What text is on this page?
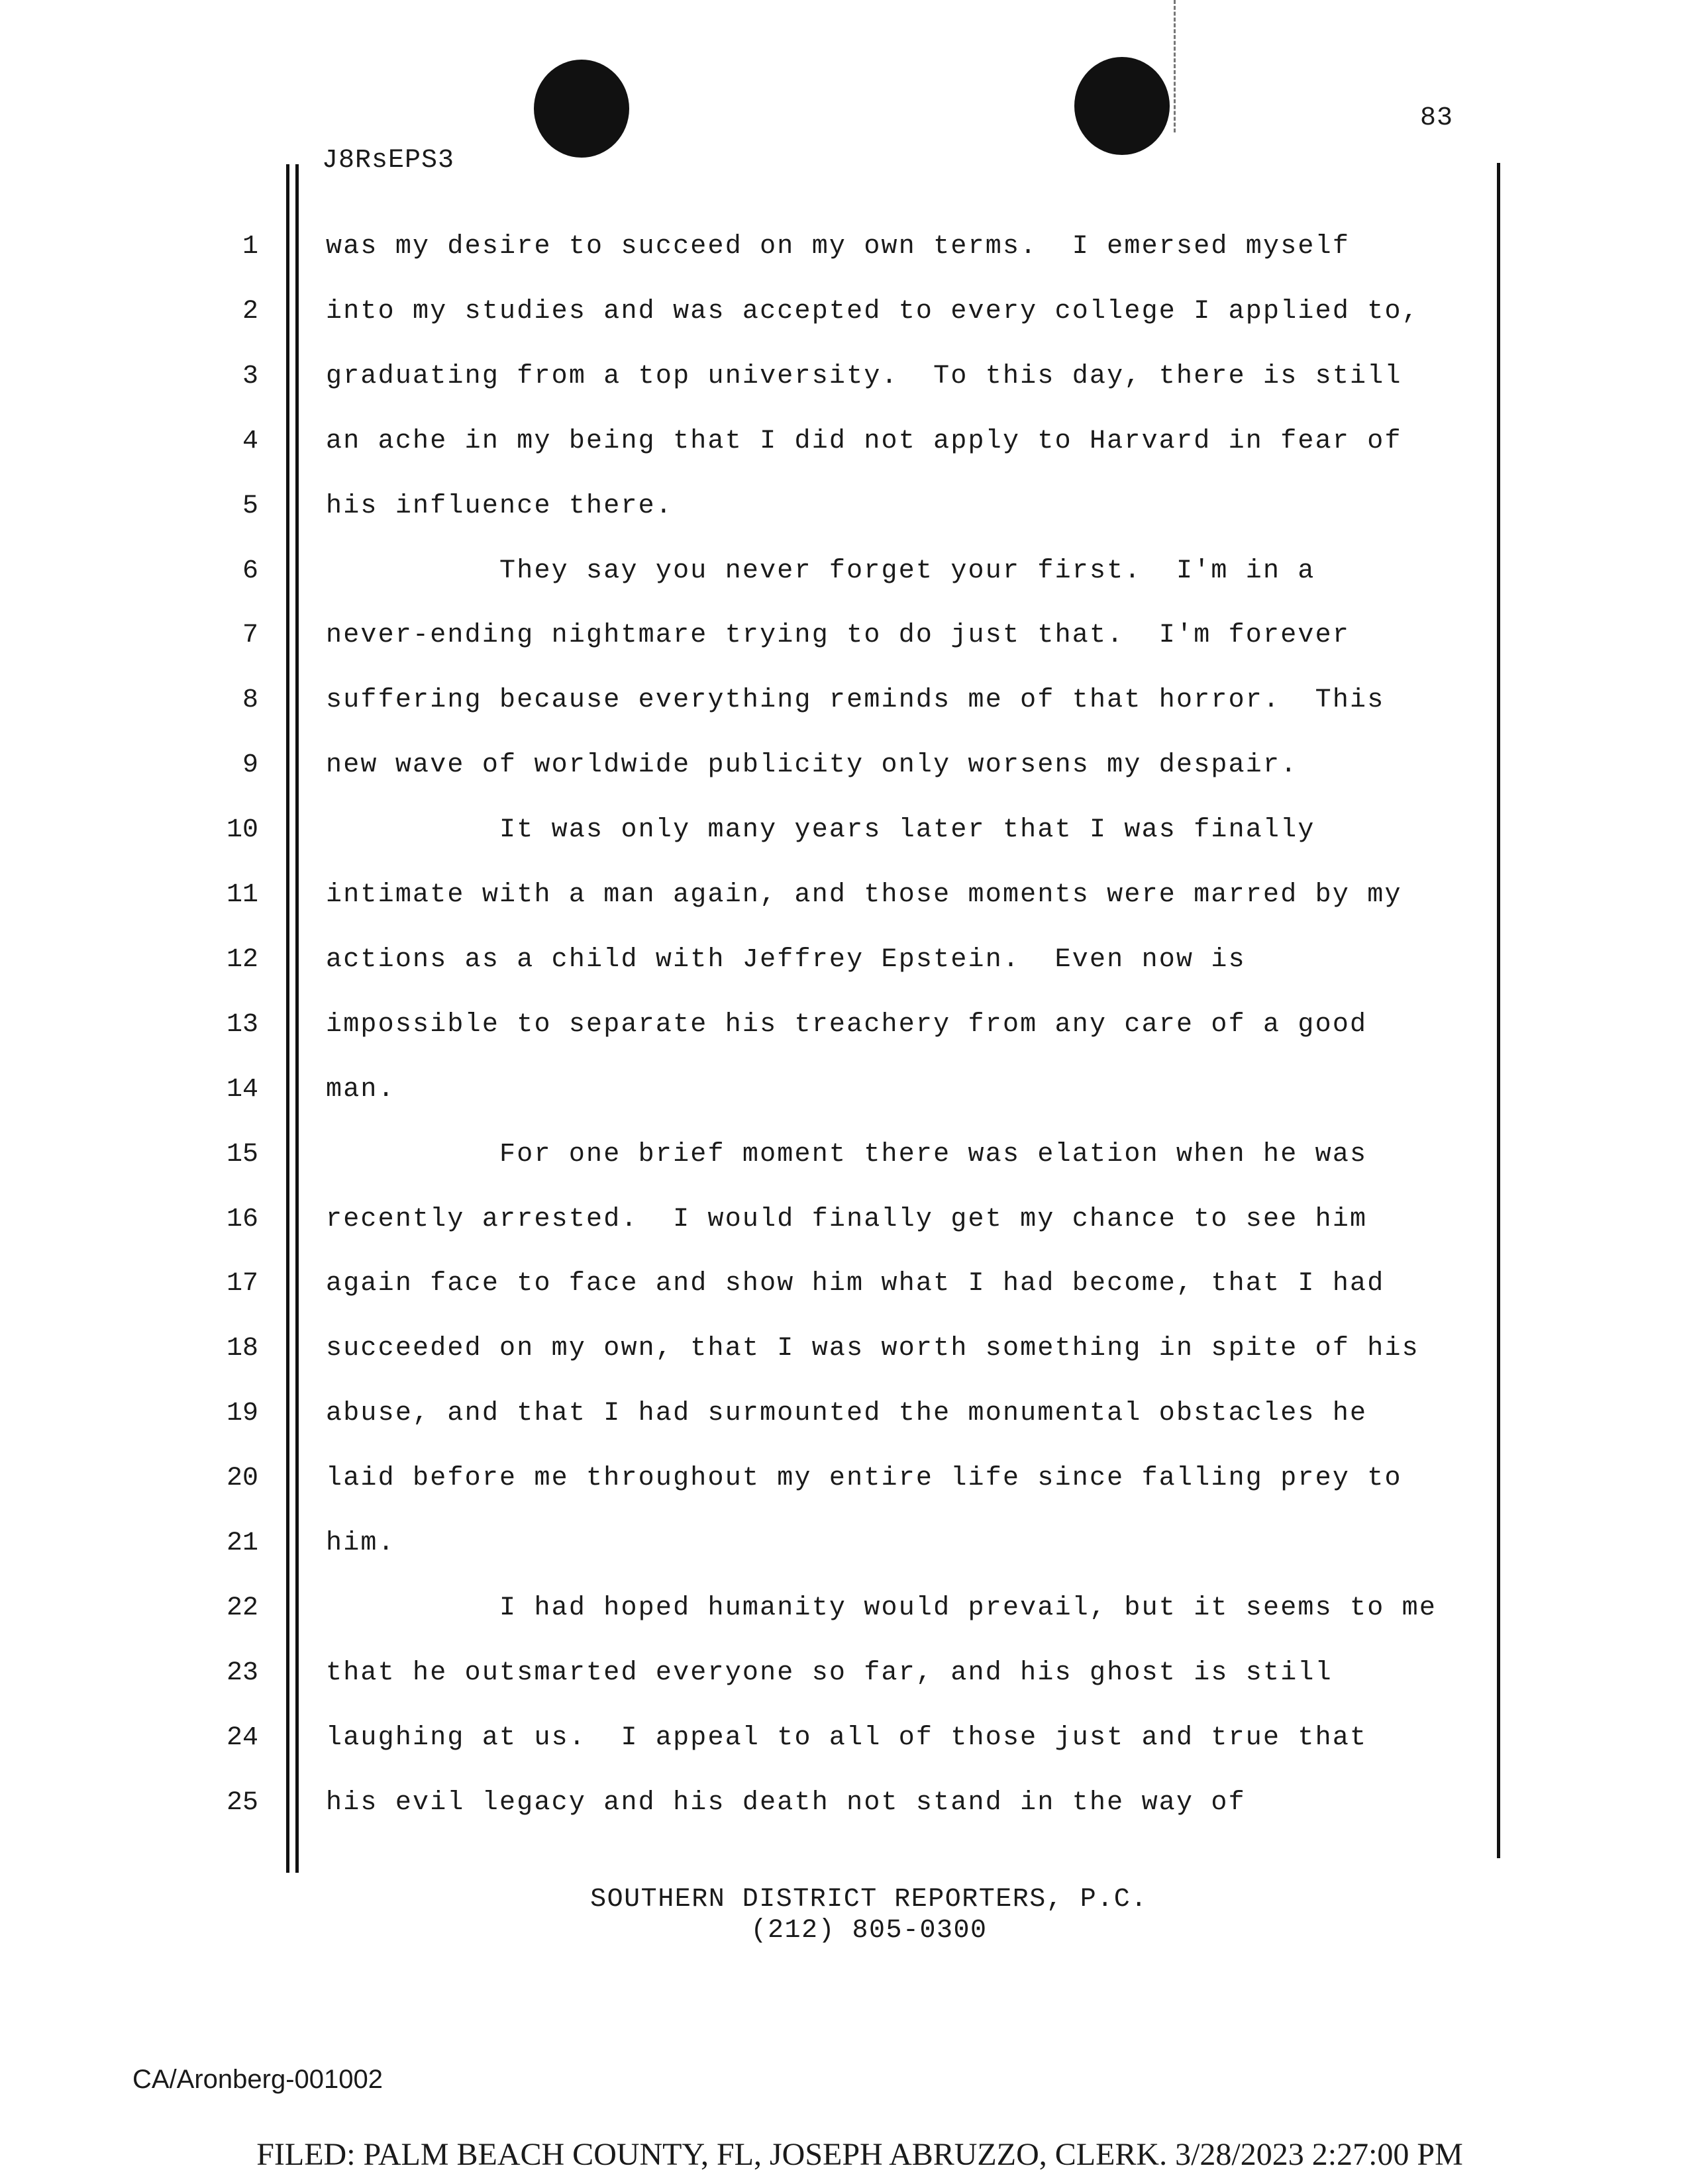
83
J8RsEPS3
1	was my desire to succeed on my own terms.  I emersed myself
2	into my studies and was accepted to every college I applied to,
3	graduating from a top university.  To this day, there is still
4	an ache in my being that I did not apply to Harvard in fear of
5	his influence there.
6	They say you never forget your first.  I'm in a
7	never-ending nightmare trying to do just that.  I'm forever
8	suffering because everything reminds me of that horror.  This
9	new wave of worldwide publicity only worsens my despair.
10	It was only many years later that I was finally
11	intimate with a man again, and those moments were marred by my
12	actions as a child with Jeffrey Epstein.  Even now is
13	impossible to separate his treachery from any care of a good
14	man.
15	For one brief moment there was elation when he was
16	recently arrested.  I would finally get my chance to see him
17	again face to face and show him what I had become, that I had
18	succeeded on my own, that I was worth something in spite of his
19	abuse, and that I had surmounted the monumental obstacles he
20	laid before me throughout my entire life since falling prey to
21	him.
22	I had hoped humanity would prevail, but it seems to me
23	that he outsmarted everyone so far, and his ghost is still
24	laughing at us.  I appeal to all of those just and true that
25	his evil legacy and his death not stand in the way of
SOUTHERN DISTRICT REPORTERS, P.C.
(212) 805-0300
CA/Aronberg-001002
FILED: PALM BEACH COUNTY, FL, JOSEPH ABRUZZO, CLERK. 3/28/2023 2:27:00 PM
